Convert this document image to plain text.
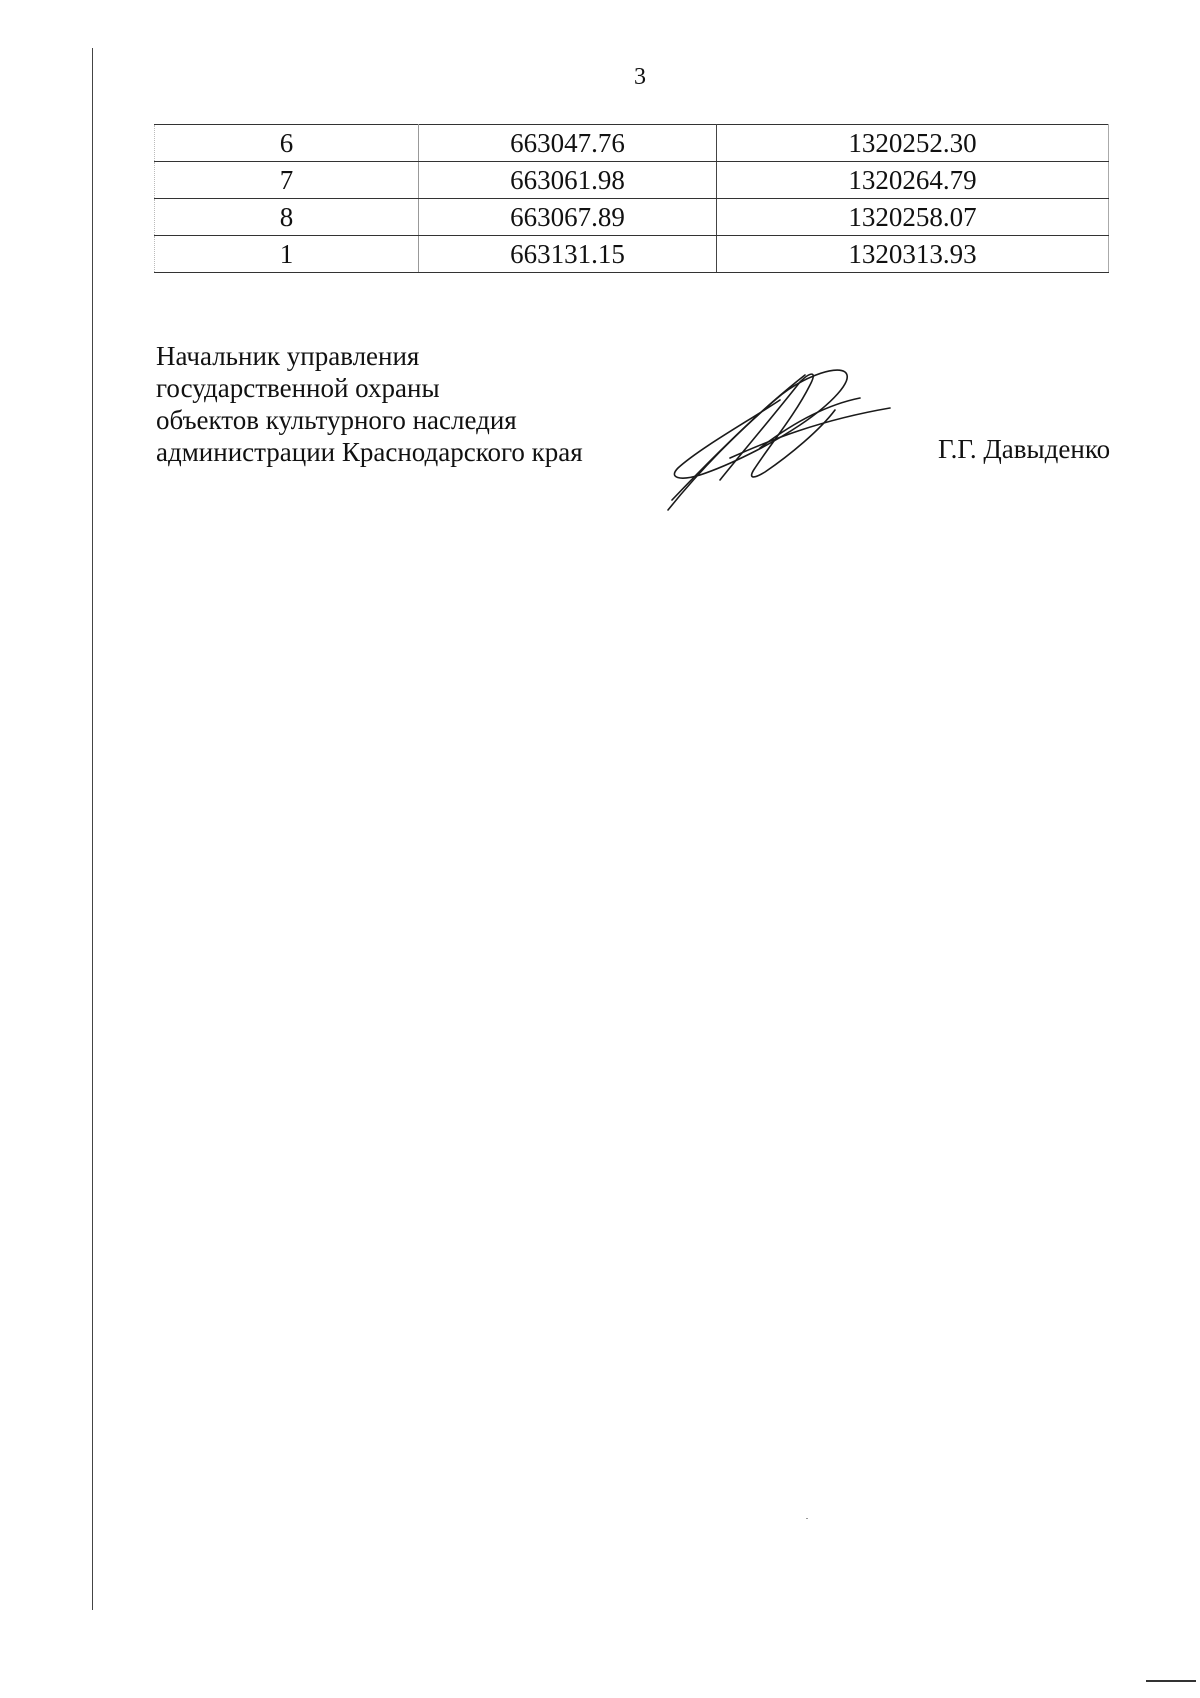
3
6	663047.76	1320252.30
7	663061.98	1320264.79
8	663067.89	1320258.07
1	663131.15	1320313.93
Начальник управления
государственной охраны
объектов культурного наследия
администрации Краснодарского края	Г.Г. Давыденко
